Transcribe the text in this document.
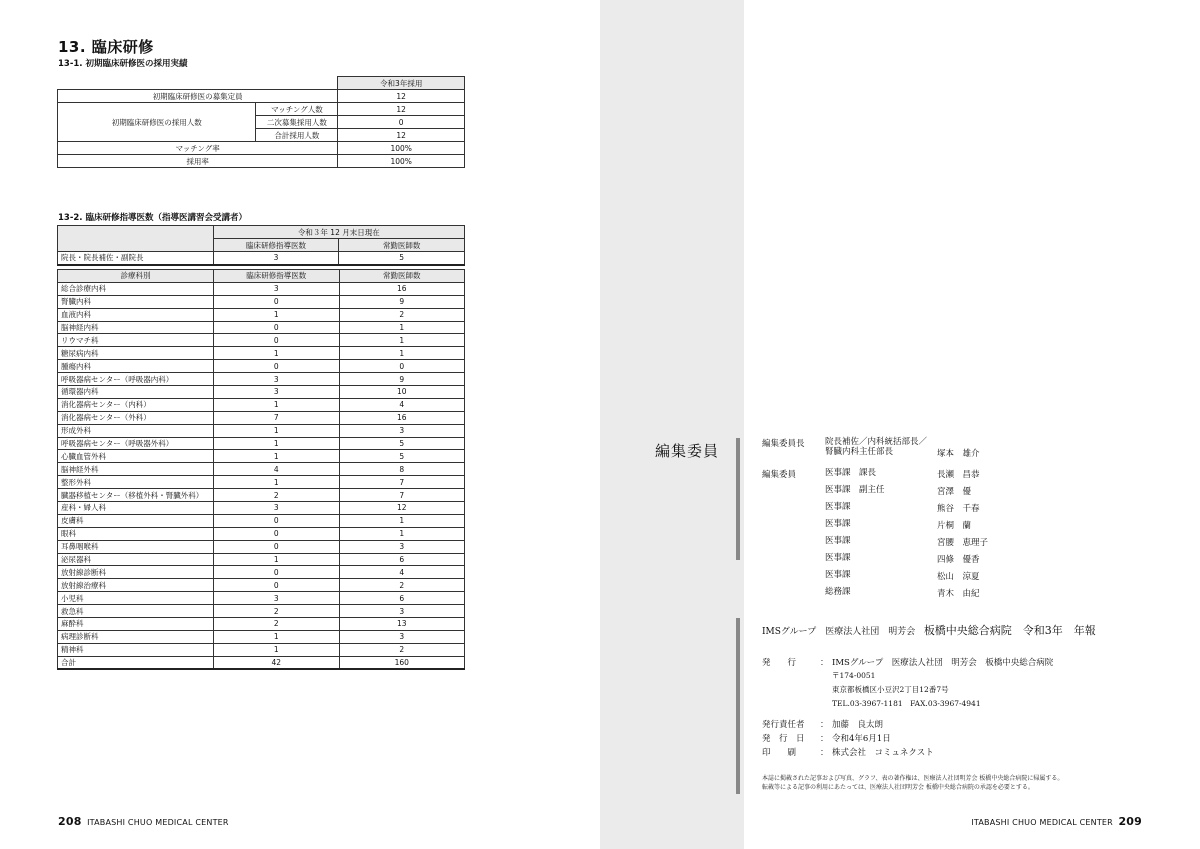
13. 臨床研修
13-1. 初期臨床研修医の採用実績
		令和3年採用
初期臨床研修医の募集定員		12
初期臨床研修医の採用人数	マッチング人数	12
	二次募集採用人数	0
	合計採用人数	12
マッチング率		100%
採用率		100%
13-2. 臨床研修指導医数（指導医講習会受講者）
	令和３年 12 月末日現在	
	臨床研修指導医数	常勤医師数
院長・院長補佐・副院長	3	5
診療科別	臨床研修指導医数	常勤医師数
総合診療内科	3	16
腎臓内科	0	9
血液内科	1	2
脳神経内科	0	1
リウマチ科	0	1
糖尿病内科	1	1
腫瘍内科	0	0
呼吸器病センター（呼吸器内科）	3	9
循環器内科	3	10
消化器病センター（内科）	1	4
消化器病センター（外科）	7	16
形成外科	1	3
呼吸器病センター（呼吸器外科）	1	5
心臓血管外科	1	5
脳神経外科	4	8
整形外科	1	7
臓器移植センター（移植外科・腎臓外科）	2	7
産科・婦人科	3	12
皮膚科	0	1
眼科	0	1
耳鼻咽喉科	0	3
泌尿器科	1	6
放射線診断科	0	4
放射線治療科	0	2
小児科	3	6
救急科	2	3
麻酔科	2	13
病理診断科	1	3
精神科	1	2
合計	42	160
208 ITABASHI CHUO MEDICAL CENTER
編集委員	編集委員長 院長補佐／内科統括部長／
腎臓内科主任部長	塚本　雄介
編集委員	医事課　課長	長瀬　昌恭
医事課　副主任	宮澤　優
医事課	熊谷　千春
医事課	片桐　蘭
医事課	宮腰　恵理子
医事課	四條　優香
医事課	松山　涼夏
総務課	青木　由紀
IMSグループ　医療法人社団　明芳会 板橋中央総合病院　令和3年　年報
発　　行	： IMSグループ　医療法人社団　明芳会　板橋中央総合病院
〒174-0051
東京都板橋区小豆沢2丁目12番7号
TEL.03-3967-1181　FAX.03-3967-4941
発行責任者	： 加藤　良太朗
発　行　日	： 令和4年6月1日
印　　刷	： 株式会社　コミュネクスト
本誌に掲載された記事および写真、グラフ、表の著作権は、医療法人社団明芳会 板橋中央総合病院に帰属する。
転載等による記事の利用にあたっては、医療法人社団明芳会 板橋中央総合病院の承認を必要とする。
ITABASHI CHUO MEDICAL CENTER 209
